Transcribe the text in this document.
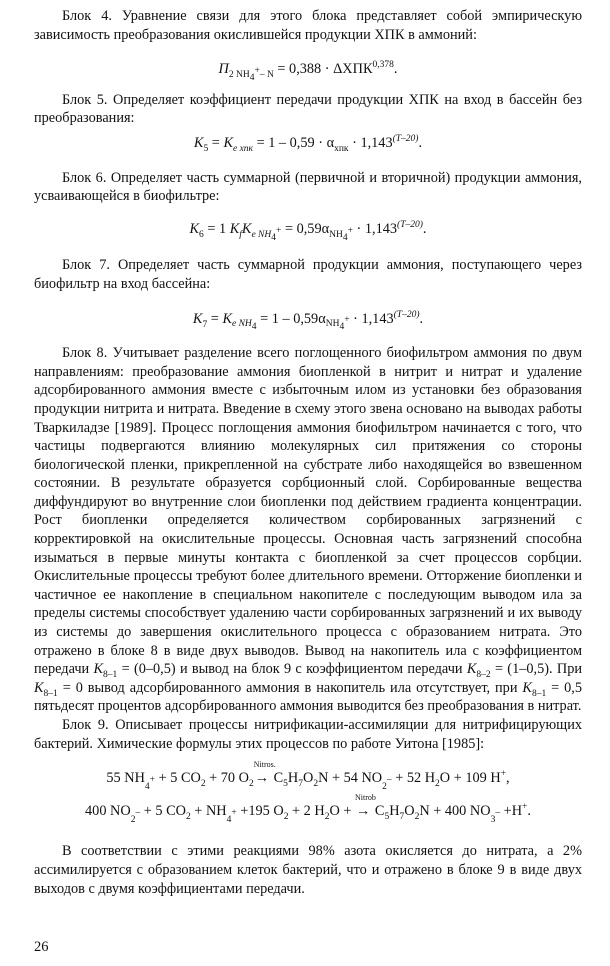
Блок 4. Уравнение связи для этого блока представляет собой эмпирическую зависимость преобразования окислившейся продукции ХПК в аммоний:

$П_{2 NH_4^+- N} = 0,388 \cdot \Delta ХПК^{0,378}$.

Блок 5. Определяет коэффициент передачи продукции ХПК на вход в бассейн без преобразования:

$K_5 = K_{e хпк} = 1 - 0,59 \cdot \alpha_{хпк} \cdot 1,143^{(T-20)}$.

Блок 6. Определяет часть суммарной (первичной и вторичной) продукции аммония, усваивающейся в биофильтре:

$K_6 = 1$ $K_fK_{e NH_4^+} = 0,59\alpha_{NH_4^+} \cdot 1,143^{(T-20)}$.

Блок 7. Определяет часть суммарной продукции аммония, поступающего через биофильтр на вход бассейна:

$K_7 = K_{e NH_4} = 1 - 0,59\alpha_{NH_4^+} \cdot 1,143^{(T-20)}$.

Блок 8. Учитывает разделение всего поглощенного биофильтром аммония по двум направлениям: преобразование аммония биопленкой в нитрит и нитрат и удаление адсорбированного аммония вместе с избыточным илом из установки без образования продукции нитрита и нитрата. Введение в схему этого звена основано на выводах работы Тваркиладзе [1989]. Процесс поглощения аммония биофильтром начинается с того, что частицы подвергаются влиянию молекулярных сил притяжения со стороны биологической пленки, прикрепленной на субстрате либо находящейся во взвешенном состоянии. В результате образуется сорбционный слой. Сорбированные вещества диффундируют во внутренние слои биопленки под действием градиента концентрации. Рост биопленки определяется количеством сорбированных загрязнений с корректировкой на окислительные процессы. Основная часть загрязнений способна изыматься в первые минуты контакта с биопленкой за счет процессов сорбции. Окислительные процессы требуют более длительного времени. Отторжение биопленки и частичное ее накопление в специальном накопителе с последующим выводом ила за пределы системы способствует удалению части сорбированных загрязнений и их выводу из системы до завершения окислительного процесса с образованием нитрата. Это отражено в блоке 8 в виде двух выводов. Вывод на накопитель ила с коэффициентом передачи $K_{8-1} = (0-0,5)$ и вывод на блок 9 с коэффициентом передачи $K_{8-2} = (1-0,5)$. При $K_{8-1} = 0$ вывод адсорбированного аммония в накопитель ила отсутствует, при $K_{8-1} = 0,5$ пятьдесят процентов адсорбированного аммония выводится без преобразования в нитрат.

Блок 9. Описывает процессы нитрификации-ассимиляции для нитрифицирующих бактерий. Химические формулы этих процессов по работе Уитона [1985]:

55 $NH_{_4^+} + 5$ $CO_2 + 70$ $O_2$
Nitros.
→ $C_5H_7O_2N + 54$ $NO_{_2^-} + 52$ $H_2O + 109$ H+,

400 $NO_{_2^-} + 5$ $CO_2 + NH_{_4^+} +195$ $O_2 + 2$ $H_2O$ +
Nitrob
→ $C_5H_7O_2N + 400$ $NO_{_3^-} +H^+$.

В соответствии с этими реакциями 98% азота окисляется до нитрата, а 2% ассимилируется с образованием клеток бактерий, что и отражено в блоке 9 в виде двух выходов с двумя коэффициентами передачи.

26
